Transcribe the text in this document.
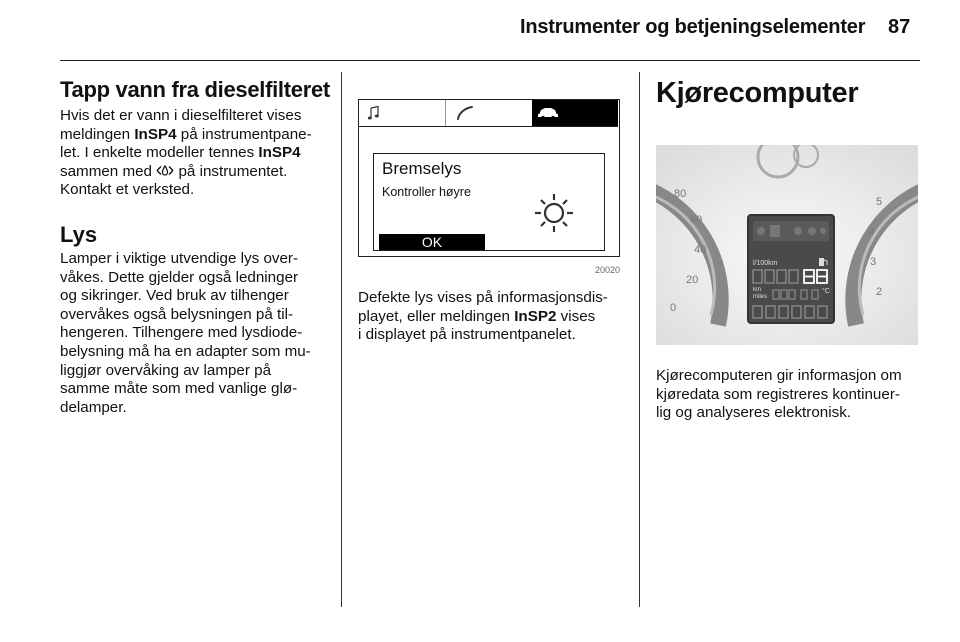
Instrumenter og betjeningselementer 87
Tapp vann fra dieselfilteret

Hvis det er vann i dieselfilteret vises
meldingen InSP4 på instrumentpane-
let. I enkelte modeller tennes InSP4
sammen med på instrumentet.
Kontakt et verksted.

Lys

Lamper i viktige utvendige lys over-
våkes. Dette gjelder også ledninger
og sikringer. Ved bruk av tilhenger
overvåkes også belysningen på til-
hengeren. Tilhengere med lysdiode-
belysning må ha en adapter som mu-
liggjør overvåking av lamper på
samme måte som med vanlige glø-
delamper.

Bremselys
Kontroller høyre
OK
20020

Defekte lys vises på informasjonsdis-
playet, eller meldingen InSP2 vises
i displayet på instrumentpanelet.

Kjørecomputer
80
60
40
20
0
5
4
3
2
l/100km
km
miles
°C

Kjørecomputeren gir informasjon om
kjøredata som registreres kontinuer-
lig og analyseres elektronisk.
